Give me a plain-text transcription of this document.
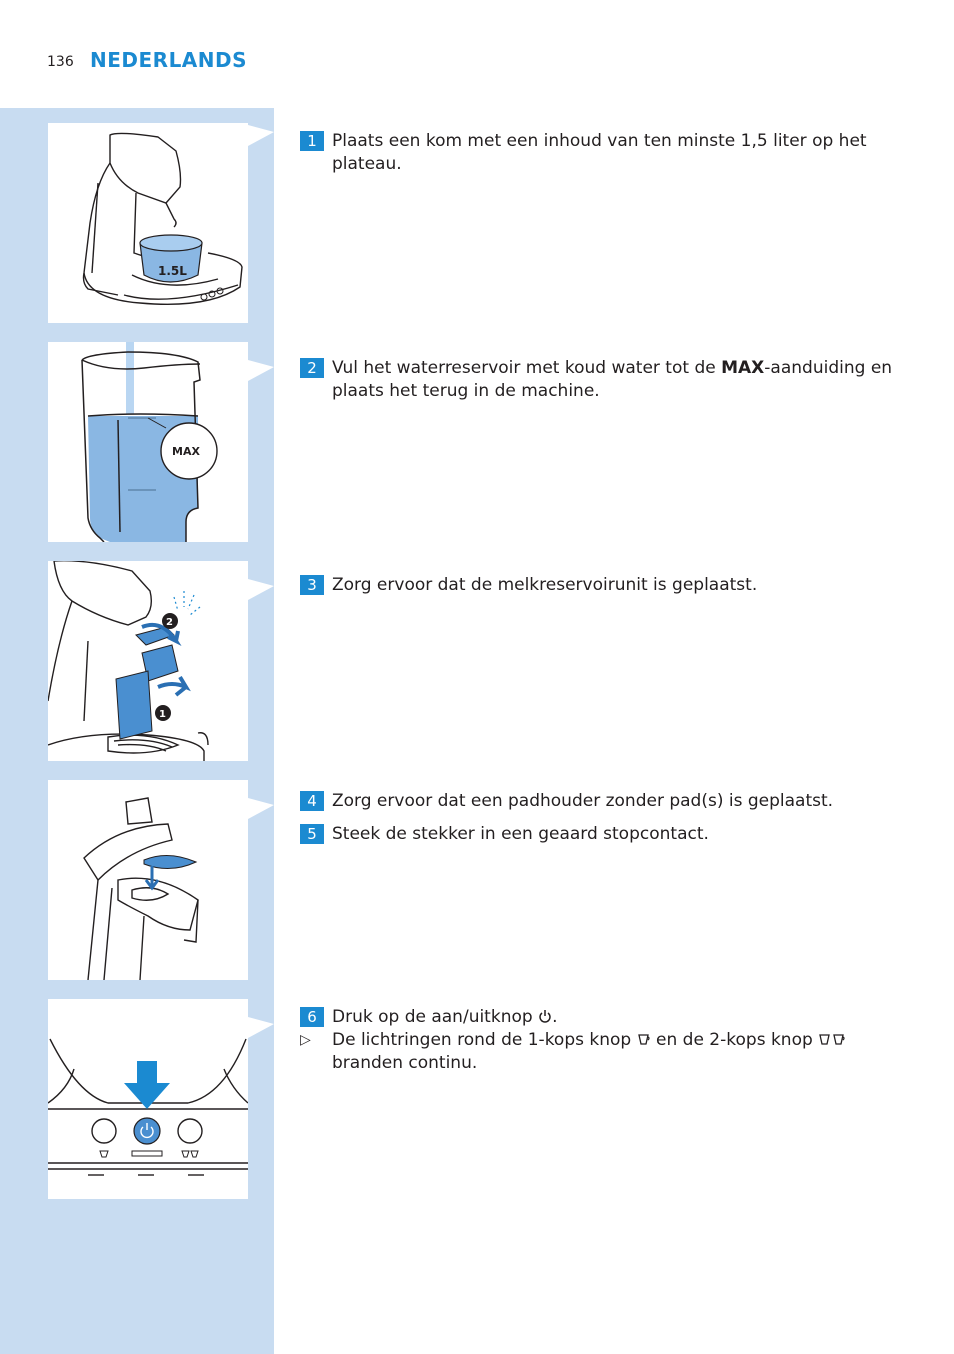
136 NEDERLANDS
1.5L
MAX
1
2
1 Plaats een kom met een inhoud van ten minste 1,5 liter op het plateau.
2 Vul het waterreservoir met koud water tot de MAX-aanduiding en plaats het terug in de machine.
3 Zorg ervoor dat de melkreservoirunit is geplaatst.
4 Zorg ervoor dat een padhouder zonder pad(s) is geplaatst.
5 Steek de stekker in een geaard stopcontact.
6 Druk op de aan/uitknop .
▷	De lichtringen rond de 1-kops knop en de 2-kops knop
branden continu.
